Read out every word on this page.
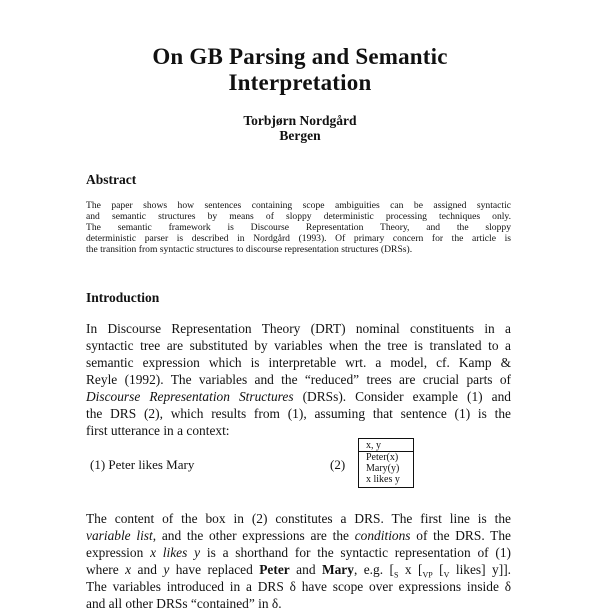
On GB Parsing and Semantic
Interpretation
Torbjørn Nordgård
Bergen
Abstract
The paper shows how sentences containing scope ambiguities can be assigned syntactic
and semantic structures by means of sloppy deterministic processing techniques only.
The semantic framework is Discourse Representation Theory, and the sloppy
deterministic parser is described in Nordgård (1993). Of primary concern for the article is
the transition from syntactic structures to discourse representation structures (DRSs).
Introduction
In Discourse Representation Theory (DRT) nominal constituents in a
syntactic tree are substituted by variables when the tree is translated to a
semantic expression which is interpretable wrt. a model, cf. Kamp &
Reyle (1992). The variables and the “reduced” trees are crucial parts of
Discourse Representation Structures (DRSs). Consider example (1) and
the DRS (2), which results from (1), assuming that sentence (1) is the
first utterance in a context:
(1) Peter likes Mary	(2)
x, y
Peter(x)
Mary(y)
x likes y
The content of the box in (2) constitutes a DRS. The first line is the
variable list, and the other expressions are the conditions of the DRS. The
expression x likes y is a shorthand for the syntactic representation of (1)
where x and y have replaced Peter and Mary, e.g. [$_S$ x [$_{VP}$ [$_V$ likes] y]].
The variables introduced in a DRS δ have scope over expressions inside δ
and all other DRSs “contained” in δ.
